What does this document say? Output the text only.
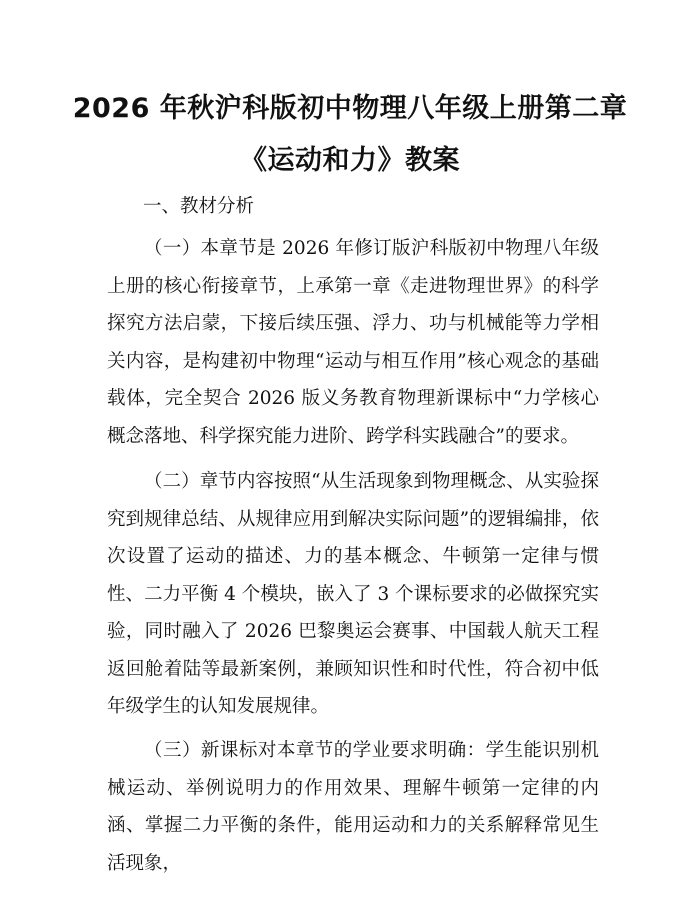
2026 年秋沪科版初中物理八年级上册第二章
《运动和力》教案
一、教材分析
（一）本章节是 2026 年修订版沪科版初中物理八年级上册的核心衔接章节，上承第一章《走进物理世界》的科学探究方法启蒙，下接后续压强、浮力、功与机械能等力学相关内容，是构建初中物理“运动与相互作用”核心观念的基础载体，完全契合 2026 版义务教育物理新课标中“力学核心概念落地、科学探究能力进阶、跨学科实践融合”的要求。
（二）章节内容按照“从生活现象到物理概念、从实验探究到规律总结、从规律应用到解决实际问题”的逻辑编排，依次设置了运动的描述、力的基本概念、牛顿第一定律与惯性、二力平衡 4 个模块，嵌入了 3 个课标要求的必做探究实验，同时融入了 2026 巴黎奥运会赛事、中国载人航天工程返回舱着陆等最新案例，兼顾知识性和时代性，符合初中低年级学生的认知发展规律。
（三）新课标对本章节的学业要求明确：学生能识别机械运动、举例说明力的作用效果、理解牛顿第一定律的内涵、掌握二力平衡的条件，能用运动和力的关系解释常见生活现象，
